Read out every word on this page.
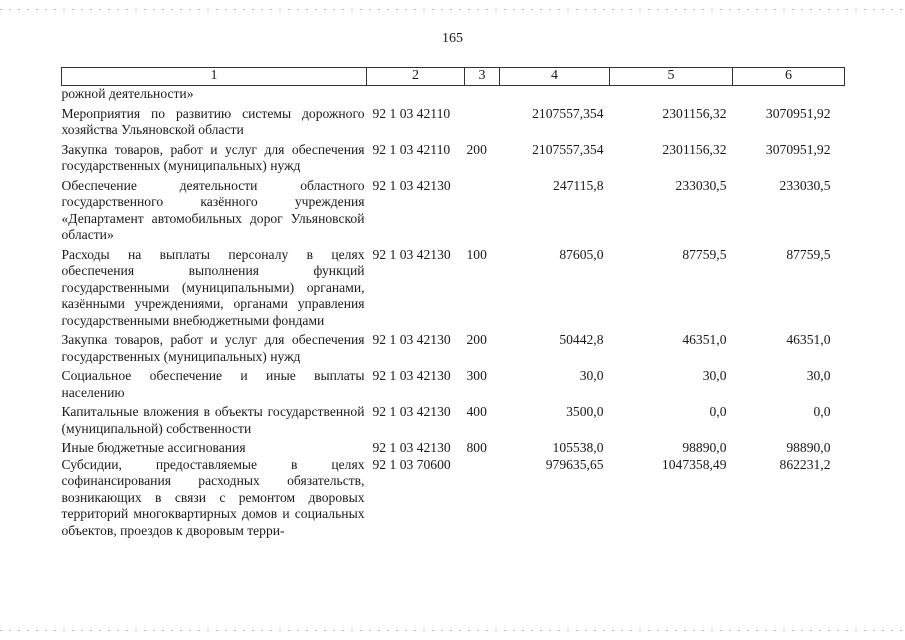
165
1	2	3	4	5	6
рожной деятельности»					
Мероприятия по развитию системы дорожного хозяйства Ульяновской области	92 1 03 42110		2107557,354	2301156,32	3070951,92
Закупка товаров, работ и услуг для обеспечения государственных (муниципальных) нужд	92 1 03 42110	200	2107557,354	2301156,32	3070951,92
Обеспечение деятельности областного государственного казённого учреждения «Департамент автомобильных дорог Ульяновской области»	92 1 03 42130		247115,8	233030,5	233030,5
Расходы на выплаты персоналу в целях обеспечения выполнения функций государственными (муниципальными) органами, казёнными учреждениями, органами управления государственными внебюджетными фондами	92 1 03 42130	100	87605,0	87759,5	87759,5
Закупка товаров, работ и услуг для обеспечения государственных (муниципальных) нужд	92 1 03 42130	200	50442,8	46351,0	46351,0
Социальное обеспечение и иные выплаты населению	92 1 03 42130	300	30,0	30,0	30,0
Капитальные вложения в объекты государственной (муниципальной) собственности	92 1 03 42130	400	3500,0	0,0	0,0
Иные бюджетные ассигнования	92 1 03 42130	800	105538,0	98890,0	98890,0
Субсидии, предоставляемые в целях софинансирования расходных обязательств, возникающих в связи с ремонтом дворовых территорий многоквартирных домов и социальных объектов, проездов к дворовым терри-	92 1 03 70600		979635,65	1047358,49	862231,2
